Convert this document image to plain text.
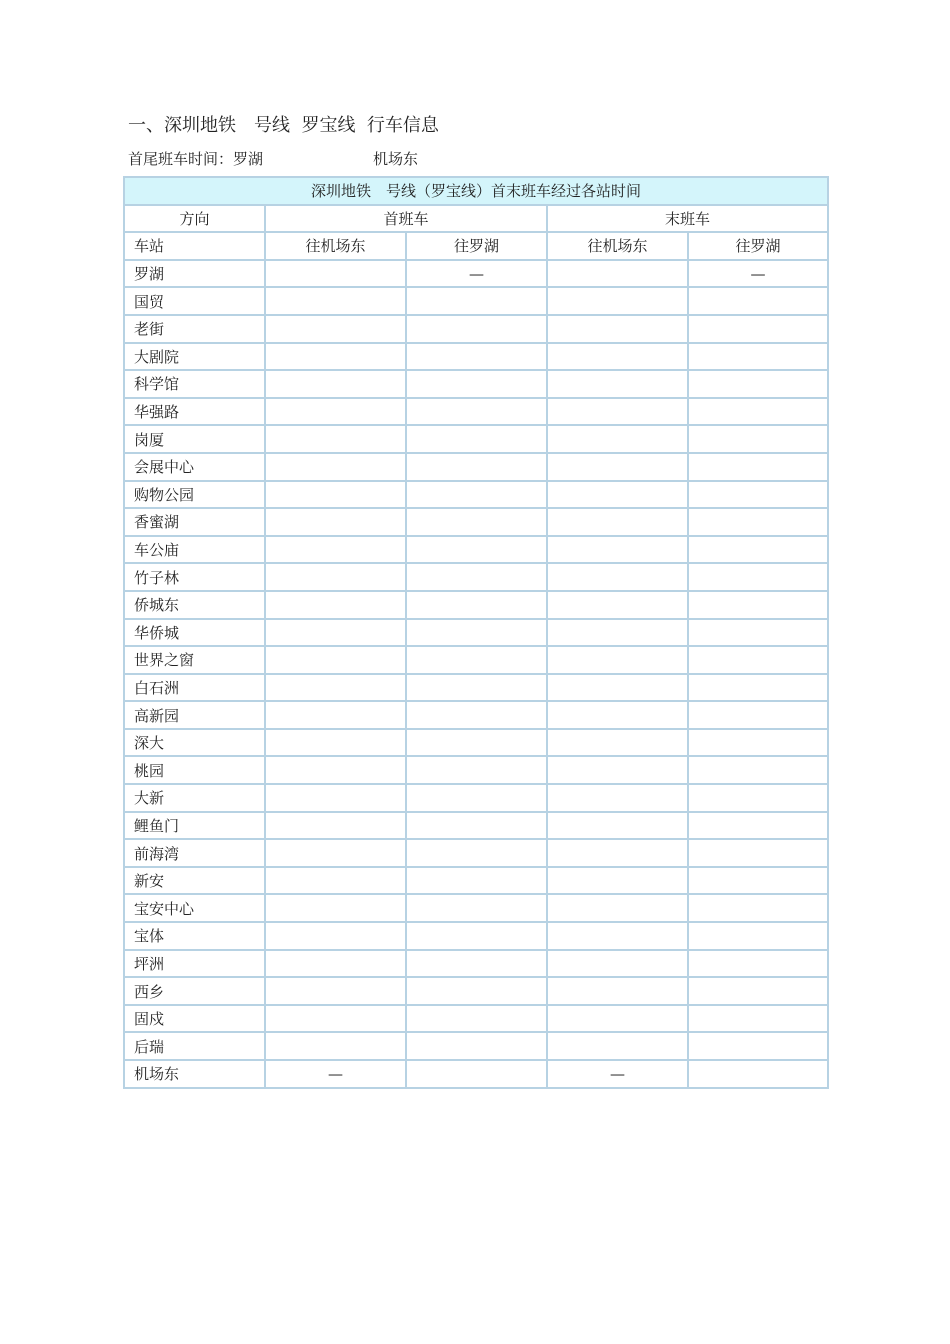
一、深圳地铁　号线  罗宝线  行车信息
首尾班车时间：罗湖	机场东
深圳地铁　号线（罗宝线）首末班车经过各站时间				
方向	首班车		末班车	
车站	往机场东	往罗湖	往机场东	往罗湖
罗湖		—		—
国贸				
老街				
大剧院				
科学馆				
华强路				
岗厦				
会展中心				
购物公园				
香蜜湖				
车公庙				
竹子林				
侨城东				
华侨城				
世界之窗				
白石洲				
高新园				
深大				
桃园				
大新				
鲤鱼门				
前海湾				
新安				
宝安中心				
宝体				
坪洲				
西乡				
固戍				
后瑞				
机场东	—		—	
